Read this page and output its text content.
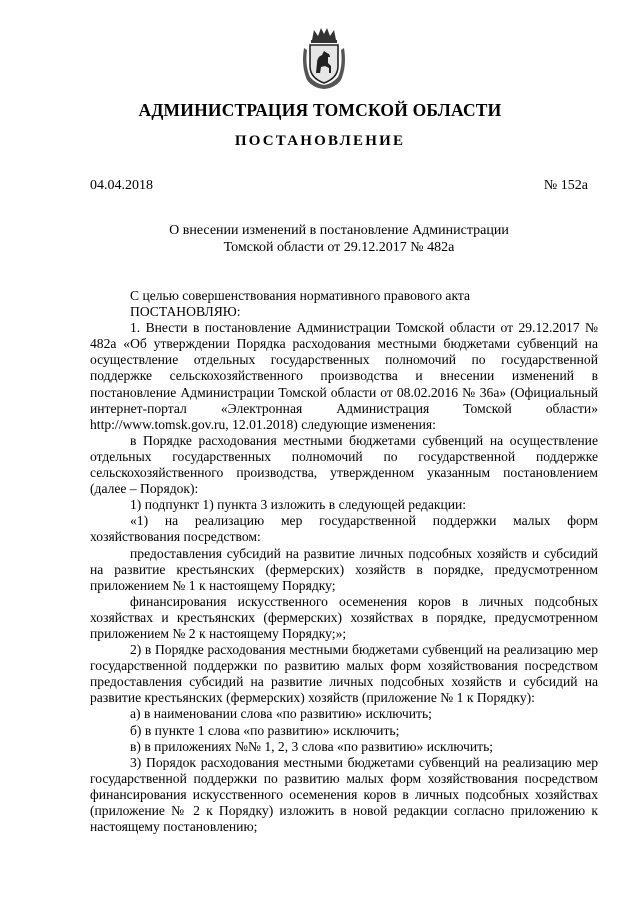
АДМИНИСТРАЦИЯ ТОМСКОЙ ОБЛАСТИ
ПОСТАНОВЛЕНИЕ
04.04.2018	№ 152а
О внесении изменений в постановление Администрации
Томской области от 29.12.2017 № 482а

С целью совершенствования нормативного правового акта

ПОСТАНОВЛЯЮ:

1. Внести в постановление Администрации Томской области от 29.12.2017 № 482а «Об утверждении Порядка расходования местными бюджетами субвенций на осуществление отдельных государственных полномочий по государственной поддержке сельскохозяйственного производства и внесении изменений в постановление Администрации Томской области от 08.02.2016 № 36а» (Официальный интернет-портал «Электронная Администрация Томской области» http://www.tomsk.gov.ru, 12.01.2018) следующие изменения:

в Порядке расходования местными бюджетами субвенций на осуществление отдельных государственных полномочий по государственной поддержке сельскохозяйственного производства, утвержденном указанным постановлением (далее – Порядок):

1) подпункт 1) пункта 3 изложить в следующей редакции:

«1) на реализацию мер государственной поддержки малых форм хозяйствования посредством:

предоставления субсидий на развитие личных подсобных хозяйств и субсидий на развитие крестьянских (фермерских) хозяйств в порядке, предусмотренном приложением № 1 к настоящему Порядку;

финансирования искусственного осеменения коров в личных подсобных хозяйствах и крестьянских (фермерских) хозяйствах в порядке, предусмотренном приложением № 2 к настоящему Порядку;»;

2) в Порядке расходования местными бюджетами субвенций на реализацию мер государственной поддержки по развитию малых форм хозяйствования посредством предоставления субсидий на развитие личных подсобных хозяйств и субсидий на развитие крестьянских (фермерских) хозяйств (приложение № 1 к Порядку):

а) в наименовании слова «по развитию» исключить;

б) в пункте 1 слова «по развитию» исключить;

в) в приложениях №№ 1, 2, 3 слова «по развитию» исключить;

3) Порядок расходования местными бюджетами субвенций на реализацию мер государственной поддержки по развитию малых форм хозяйствования посредством финансирования искусственного осеменения коров в личных подсобных хозяйствах (приложение № 2 к Порядку) изложить в новой редакции согласно приложению к настоящему постановлению;
